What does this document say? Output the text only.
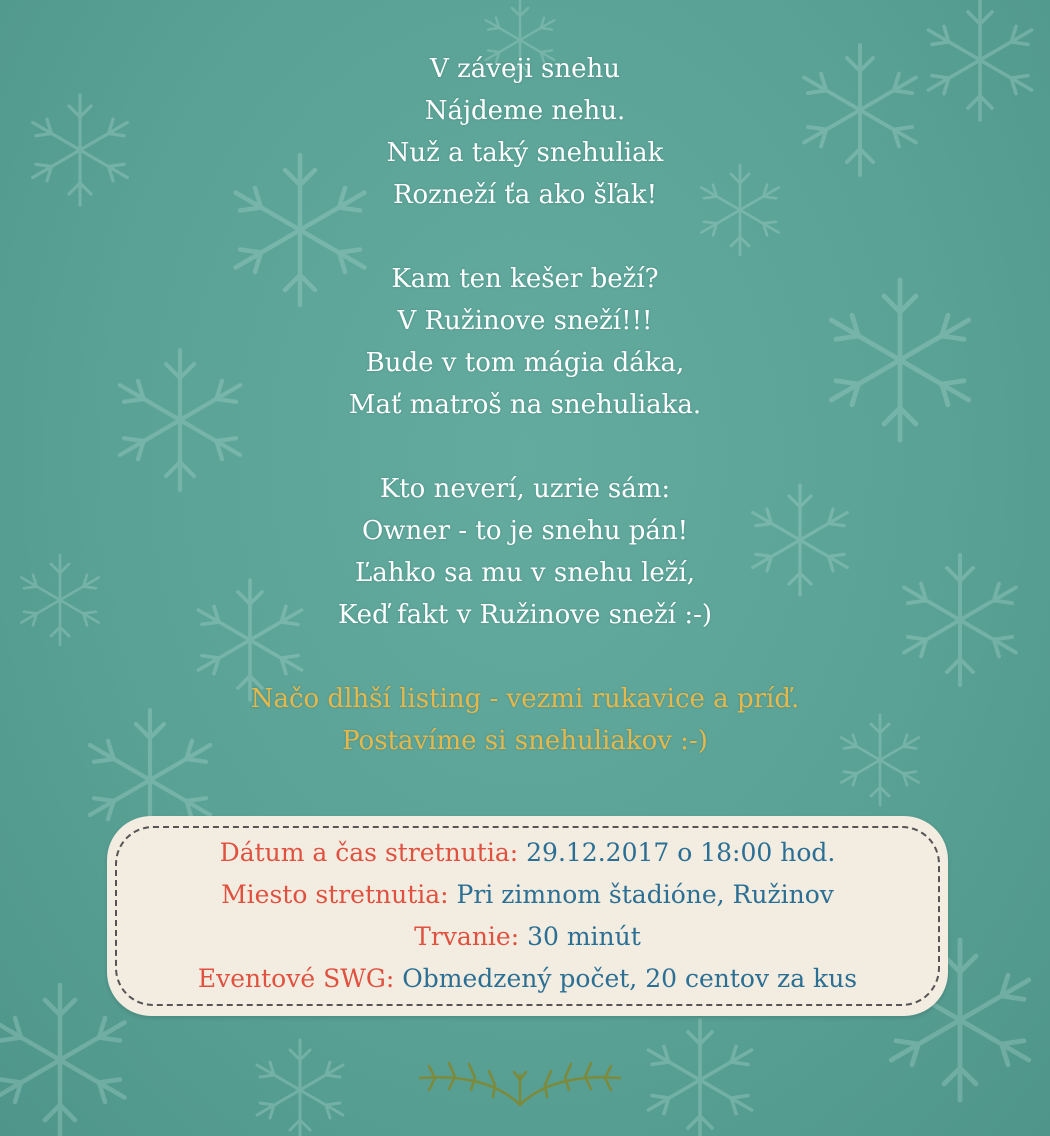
V záveji snehu
Nájdeme nehu.
Nuž a taký snehuliak
Rozneží ťa ako šľak!
Kam ten kešer beží?
V Ružinove sneží!!!
Bude v tom mágia dáka,
Mať matroš na snehuliaka.
Kto neverí, uzrie sám:
Owner - to je snehu pán!
Ľahko sa mu v snehu leží,
Keď fakt v Ružinove sneží :-)
Načo dlhší listing - vezmi rukavice a príď.
Postavíme si snehuliakov :-)
Dátum a čas stretnutia: 29.12.2017 o 18:00 hod.
Miesto stretnutia: Pri zimnom štadióne, Ružinov
Trvanie: 30 minút
Eventové SWG: Obmedzený počet, 20 centov za kus
